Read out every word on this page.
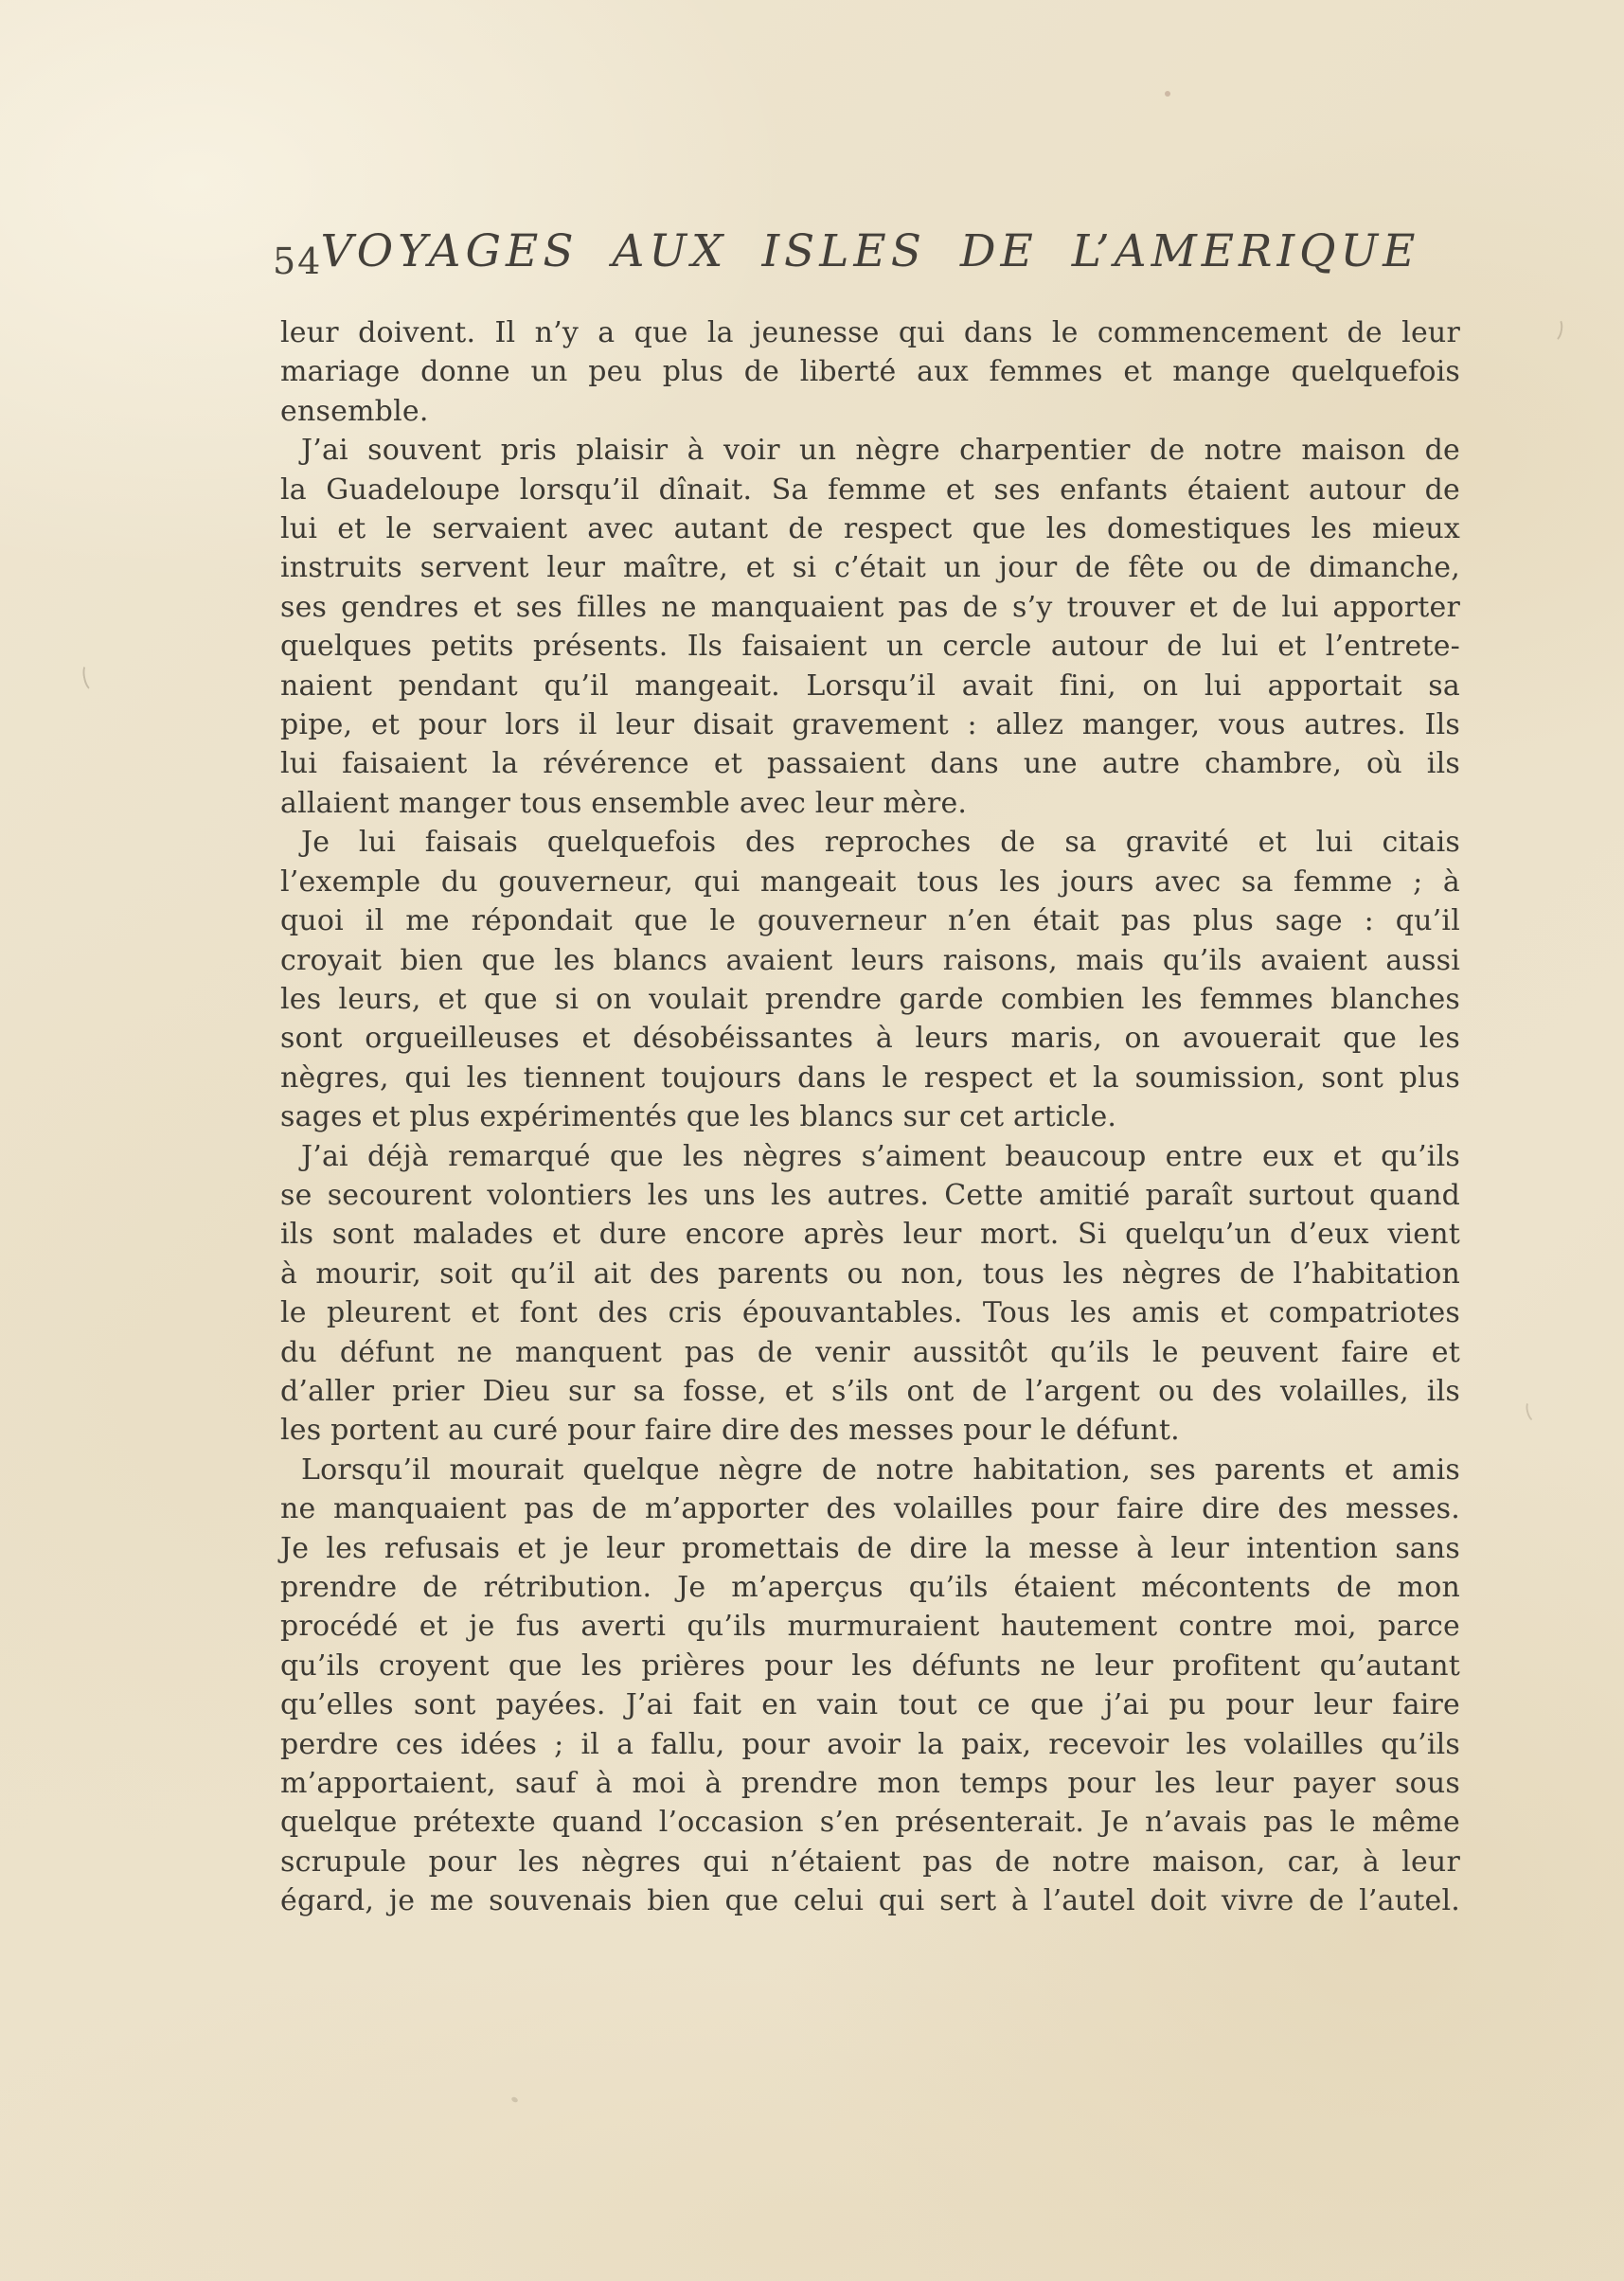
54
VOYAGES AUX ISLES DE L’AMERIQUE
leur doivent. Il n’y a que la jeunesse qui dans le commencement de leur
mariage donne un peu plus de liberté aux femmes et mange quelquefois
ensemble.
J’ai souvent pris plaisir à voir un nègre charpentier de notre maison de
la Guadeloupe lorsqu’il dînait. Sa femme et ses enfants étaient autour de
lui et le servaient avec autant de respect que les domestiques les mieux
instruits servent leur maître, et si c’était un jour de fête ou de dimanche,
ses gendres et ses filles ne manquaient pas de s’y trouver et de lui apporter
quelques petits présents. Ils faisaient un cercle autour de lui et l’entrete-
naient pendant qu’il mangeait. Lorsqu’il avait fini, on lui apportait sa
pipe, et pour lors il leur disait gravement : allez manger, vous autres. Ils
lui faisaient la révérence et passaient dans une autre chambre, où ils
allaient manger tous ensemble avec leur mère.
Je lui faisais quelquefois des reproches de sa gravité et lui citais
l’exemple du gouverneur, qui mangeait tous les jours avec sa femme ; à
quoi il me répondait que le gouverneur n’en était pas plus sage : qu’il
croyait bien que les blancs avaient leurs raisons, mais qu’ils avaient aussi
les leurs, et que si on voulait prendre garde combien les femmes blanches
sont orgueilleuses et désobéissantes à leurs maris, on avouerait que les
nègres, qui les tiennent toujours dans le respect et la soumission, sont plus
sages et plus expérimentés que les blancs sur cet article.
J’ai déjà remarqué que les nègres s’aiment beaucoup entre eux et qu’ils
se secourent volontiers les uns les autres. Cette amitié paraît surtout quand
ils sont malades et dure encore après leur mort. Si quelqu’un d’eux vient
à mourir, soit qu’il ait des parents ou non, tous les nègres de l’habitation
le pleurent et font des cris épouvantables. Tous les amis et compatriotes
du défunt ne manquent pas de venir aussitôt qu’ils le peuvent faire et
d’aller prier Dieu sur sa fosse, et s’ils ont de l’argent ou des volailles, ils
les portent au curé pour faire dire des messes pour le défunt.
Lorsqu’il mourait quelque nègre de notre habitation, ses parents et amis
ne manquaient pas de m’apporter des volailles pour faire dire des messes.
Je les refusais et je leur promettais de dire la messe à leur intention sans
prendre de rétribution. Je m’aperçus qu’ils étaient mécontents de mon
procédé et je fus averti qu’ils murmuraient hautement contre moi, parce
qu’ils croyent que les prières pour les défunts ne leur profitent qu’autant
qu’elles sont payées. J’ai fait en vain tout ce que j’ai pu pour leur faire
perdre ces idées ; il a fallu, pour avoir la paix, recevoir les volailles qu’ils
m’apportaient, sauf à moi à prendre mon temps pour les leur payer sous
quelque prétexte quand l’occasion s’en présenterait. Je n’avais pas le même
scrupule pour les nègres qui n’étaient pas de notre maison, car, à leur
égard, je me souvenais bien que celui qui sert à l’autel doit vivre de l’autel.
